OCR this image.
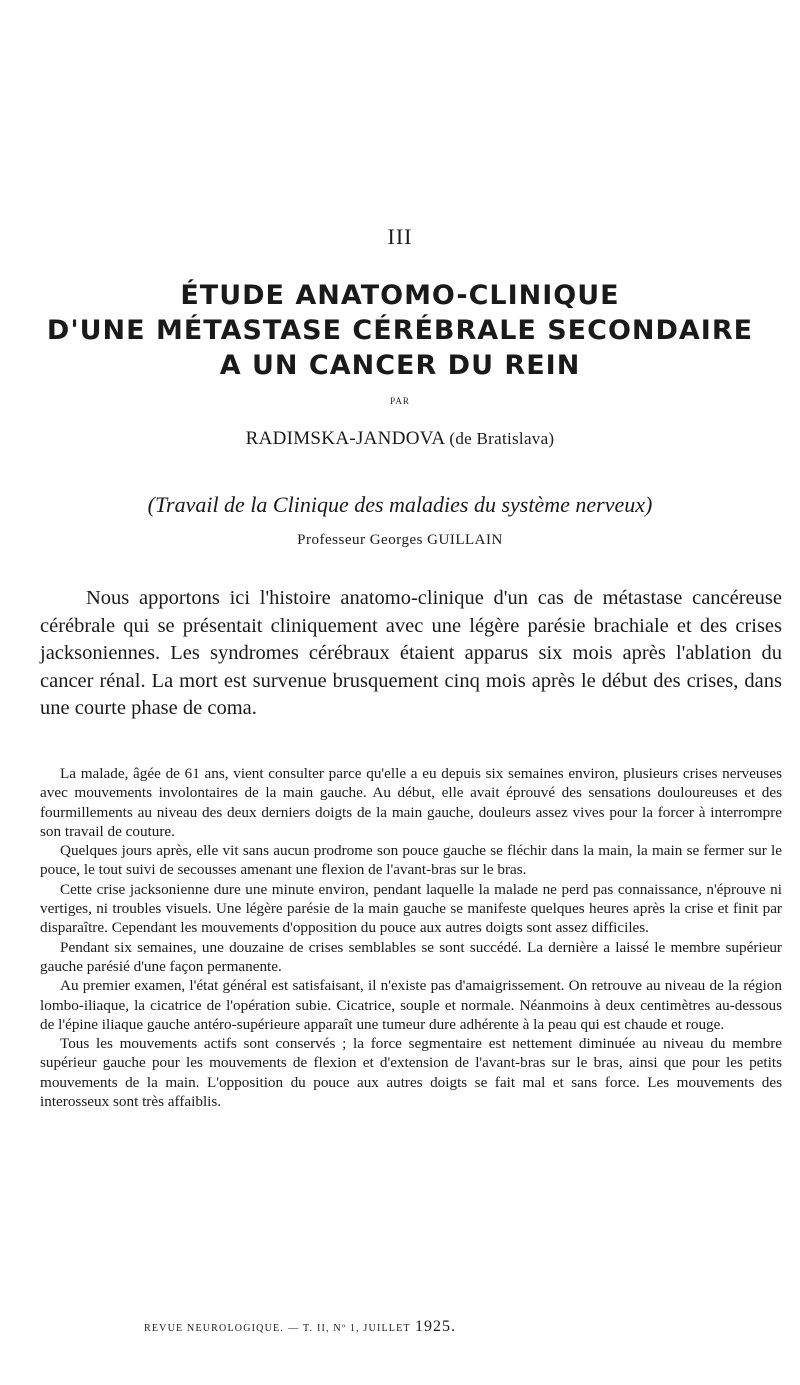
III
ÉTUDE ANATOMO-CLINIQUE
D'UNE MÉTASTASE CÉRÉBRALE SECONDAIRE
A UN CANCER DU REIN
PAR
RADIMSKA-JANDOVA (de Bratislava)
(Travail de la Clinique des maladies du système nerveux)
Professeur Georges GUILLAIN

Nous apportons ici l'histoire anatomo-clinique d'un cas de métastase cancéreuse cérébrale qui se présentait cliniquement avec une légère parésie brachiale et des crises jacksoniennes. Les syndromes cérébraux étaient apparus six mois après l'ablation du cancer rénal. La mort est survenue brusquement cinq mois après le début des crises, dans une courte phase de coma.

La malade, âgée de 61 ans, vient consulter parce qu'elle a eu depuis six semaines environ, plusieurs crises nerveuses avec mouvements involontaires de la main gauche. Au début, elle avait éprouvé des sensations douloureuses et des fourmillements au niveau des deux derniers doigts de la main gauche, douleurs assez vives pour la forcer à interrompre son travail de couture.

Quelques jours après, elle vit sans aucun prodrome son pouce gauche se fléchir dans la main, la main se fermer sur le pouce, le tout suivi de secousses amenant une flexion de l'avant-bras sur le bras.

Cette crise jacksonienne dure une minute environ, pendant laquelle la malade ne perd pas connaissance, n'éprouve ni vertiges, ni troubles visuels. Une légère parésie de la main gauche se manifeste quelques heures après la crise et finit par disparaître. Cependant les mouvements d'opposition du pouce aux autres doigts sont assez difficiles.

Pendant six semaines, une douzaine de crises semblables se sont succédé. La dernière a laissé le membre supérieur gauche parésié d'une façon permanente.

Au premier examen, l'état général est satisfaisant, il n'existe pas d'amaigrissement. On retrouve au niveau de la région lombo-iliaque, la cicatrice de l'opération subie. Cicatrice, souple et normale. Néanmoins à deux centimètres au-dessous de l'épine iliaque gauche antéro-supérieure apparaît une tumeur dure adhérente à la peau qui est chaude et rouge.

Tous les mouvements actifs sont conservés ; la force segmentaire est nettement diminuée au niveau du membre supérieur gauche pour les mouvements de flexion et d'extension de l'avant-bras sur le bras, ainsi que pour les petits mouvements de la main. L'opposition du pouce aux autres doigts se fait mal et sans force. Les mouvements des interosseux sont très affaiblis.

REVUE NEUROLOGIQUE. — T. II, Nº 1, JUILLET 1925.
